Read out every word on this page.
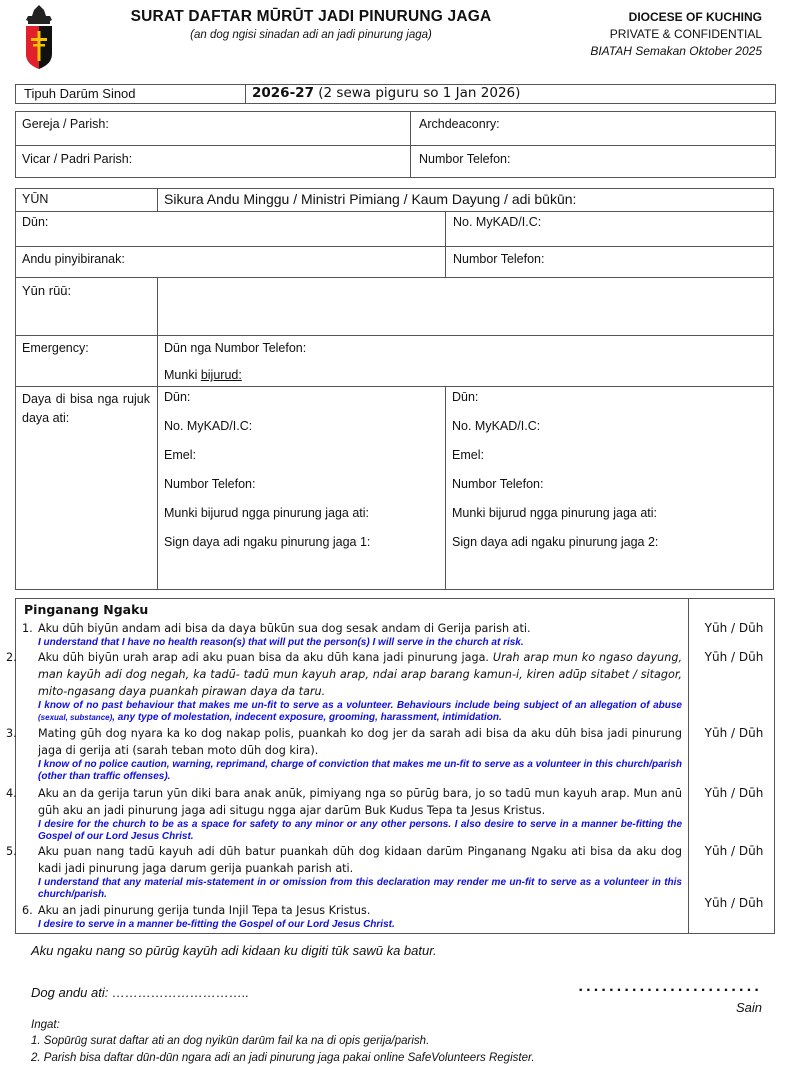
SURAT DAFTAR MŪRŪT JADI PINURUNG JAGA
(an dog ngisi sinadan adi an jadi pinurung jaga)
DIOCESE OF KUCHING
PRIVATE & CONFIDENTIAL
BIATAH Semakan Oktober 2025
Tipuh Darūm Sinod	2026-27 (2 sewa piguru so 1 Jan 2026)
Gereja / Parish:	Archdeaconry:
Vicar / Padri Parish:	Numbor Telefon:
YŪN	Sikura Andu Minggu / Ministri Pimiang / Kaum Dayung / adi būkūn:
Dūn:	No. MyKAD/I.C:
Andu pinyibiranak:	Numbor Telefon:
Yūn rūū:
Emergency:	Dūn nga Numbor Telefon:
Munki bijurud:
Daya di bisa nga rujuk daya ati:
Dūn:
No. MyKAD/I.C:
Emel:
Numbor Telefon:
Munki bijurud ngga pinurung jaga ati:
Sign daya adi ngaku pinurung jaga 1:
Dūn:
No. MyKAD/I.C:
Emel:
Numbor Telefon:
Munki bijurud ngga pinurung jaga ati:
Sign daya adi ngaku pinurung jaga 2:
Pinganang Ngaku
1. Aku dūh biyūn andam adi bisa da daya būkūn sua dog sesak andam di Gerija parish ati.
I understand that I have no health reason(s) that will put the person(s) I will serve in the church at risk.
Yūh / Dūh
2. Aku dūh biyūn urah arap adi aku puan bisa da aku dūh kana jadi pinurung jaga. Urah arap mun ko ngaso dayung, man kayūh adi dog negah, ka tadū- tadū mun kayuh arap, ndai arap barang kamun-i, kiren adūp sitabet / sitagor, mito-ngasang daya puankah pirawan daya da taru.
I know of no past behaviour that makes me un-fit to serve as a volunteer. Behaviours include being subject of an allegation of abuse (sexual, substance), any type of molestation, indecent exposure, grooming, harassment, intimidation.
Yūh / Dūh
3. Mating gūh dog nyara ka ko dog nakap polis, puankah ko dog jer da sarah adi bisa da aku dūh bisa jadi pinurung jaga di gerija ati (sarah teban moto dūh dog kira).
I know of no police caution, warning, reprimand, charge of conviction that makes me un-fit to serve as a volunteer in this church/parish (other than traffic offenses).
Yūh / Dūh
4. Aku an da gerija tarun yūn diki bara anak anūk, pimiyang nga so pūrūg bara, jo so tadū mun kayuh arap. Mun anū gūh aku an jadi pinurung jaga adi situgu ngga ajar darūm Buk Kudus Tepa ta Jesus Kristus.
I desire for the church to be as a space for safety to any minor or any other persons. I also desire to serve in a manner be-fitting the Gospel of our Lord Jesus Christ.
Yūh / Dūh
5. Aku puan nang tadū kayuh adi dūh batur puankah dūh dog kidaan darūm Pinganang Ngaku ati bisa da aku dog kadi jadi pinurung jaga darum gerija puankah parish ati.
I understand that any material mis-statement in or omission from this declaration may render me un-fit to serve as a volunteer in this church/parish.
Yūh / Dūh
6. Aku an jadi pinurung gerija tunda Injil Tepa ta Jesus Kristus.
I desire to serve in a manner be-fitting the Gospel of our Lord Jesus Christ.
Yūh / Dūh
Aku ngaku nang so pūrūg kayūh adi kidaan ku digiti tūk sawū ka batur.
Dog andu ati: …………………………..	........................
Sain
Ingat:
1. Sopūrūg surat daftar ati an dog nyikūn darūm fail ka na di opis gerija/parish.
2. Parish bisa daftar dūn-dūn ngara adi an jadi pinurung jaga pakai online SafeVolunteers Register.
